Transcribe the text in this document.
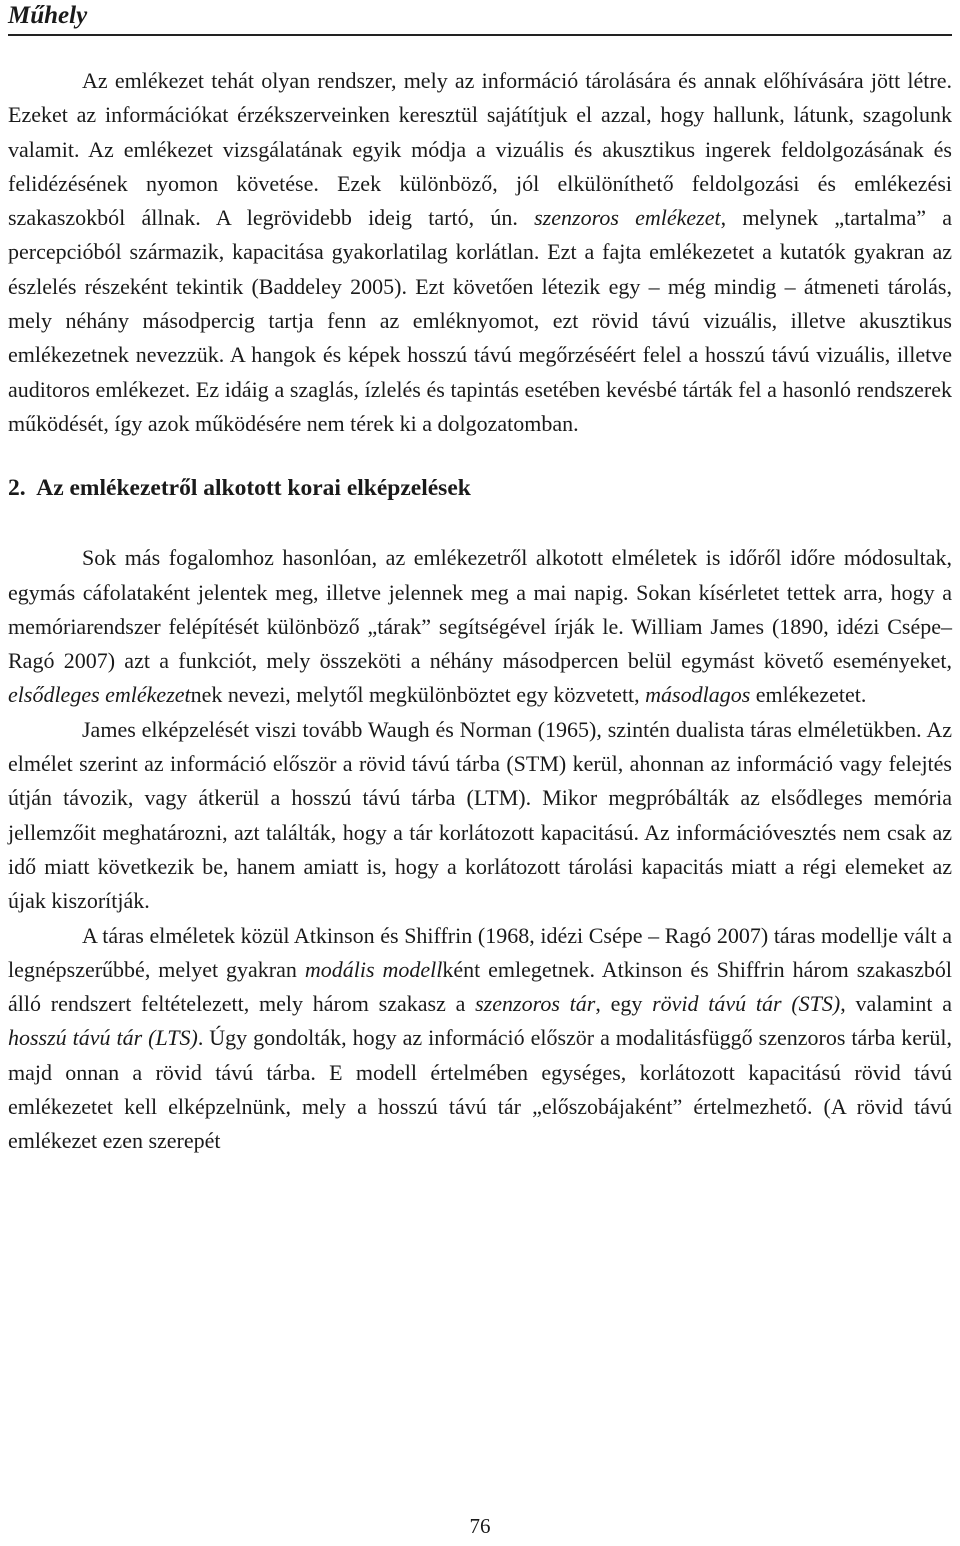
Műhely

Az emlékezet tehát olyan rendszer, mely az információ tárolására és annak előhívására jött létre. Ezeket az információkat érzékszerveinken keresztül sajátítjuk el azzal, hogy hallunk, látunk, szagolunk valamit. Az emlékezet vizsgálatának egyik módja a vizuális és akusztikus ingerek feldolgozásának és felidézésének nyomon követése. Ezek különböző, jól elkülöníthető feldolgozási és emlékezési szakaszokból állnak. A legrövidebb ideig tartó, ún. szenzoros emlékezet, melynek „tartalma” a percepcióból származik, kapacitása gyakorlatilag korlátlan. Ezt a fajta emlékezetet a kutatók gyakran az észlelés részeként tekintik (Baddeley 2005). Ezt követően létezik egy – még mindig – átmeneti tárolás, mely néhány másodpercig tartja fenn az emléknyomot, ezt rövid távú vizuális, illetve akusztikus emlékezetnek nevezzük. A hangok és képek hosszú távú megőrzéséért felel a hosszú távú vizuális, illetve auditoros emlékezet. Ez idáig a szaglás, ízlelés és tapintás esetében kevésbé tárták fel a hasonló rendszerek működését, így azok működésére nem térek ki a dolgozatomban.

2. Az emlékezetről alkotott korai elképzelések

Sok más fogalomhoz hasonlóan, az emlékezetről alkotott elméletek is időről időre módosultak, egymás cáfolataként jelentek meg, illetve jelennek meg a mai napig. Sokan kísérletet tettek arra, hogy a memóriarendszer felépítését különböző „tárak” segítségével írják le. William James (1890, idézi Csépe–Ragó 2007) azt a funkciót, mely összeköti a néhány másodpercen belül egymást követő eseményeket, elsődleges emlékezetnek nevezi, melytől megkülönböztet egy közvetett, másodlagos emlékezetet.

James elképzelését viszi tovább Waugh és Norman (1965), szintén dualista táras elméletükben. Az elmélet szerint az információ először a rövid távú tárba (STM) kerül, ahonnan az információ vagy felejtés útján távozik, vagy átkerül a hosszú távú tárba (LTM). Mikor megpróbálták az elsődleges memória jellemzőit meghatározni, azt találták, hogy a tár korlátozott kapacitású. Az információvesztés nem csak az idő miatt következik be, hanem amiatt is, hogy a korlátozott tárolási kapacitás miatt a régi elemeket az újak kiszorítják.

A táras elméletek közül Atkinson és Shiffrin (1968, idézi Csépe – Ragó 2007) táras modellje vált a legnépszerűbbé, melyet gyakran modális modellként emlegetnek. Atkinson és Shiffrin három szakaszból álló rendszert feltételezett, mely három szakasz a szenzoros tár, egy rövid távú tár (STS), valamint a hosszú távú tár (LTS). Úgy gondolták, hogy az információ először a modalitásfüggő szenzoros tárba kerül, majd onnan a rövid távú tárba. E modell értelmében egységes, korlátozott kapacitású rövid távú emlékezetet kell elképzelnünk, mely a hosszú távú tár „előszobájaként” értelmezhető. (A rövid távú emlékezet ezen szerepét

76
